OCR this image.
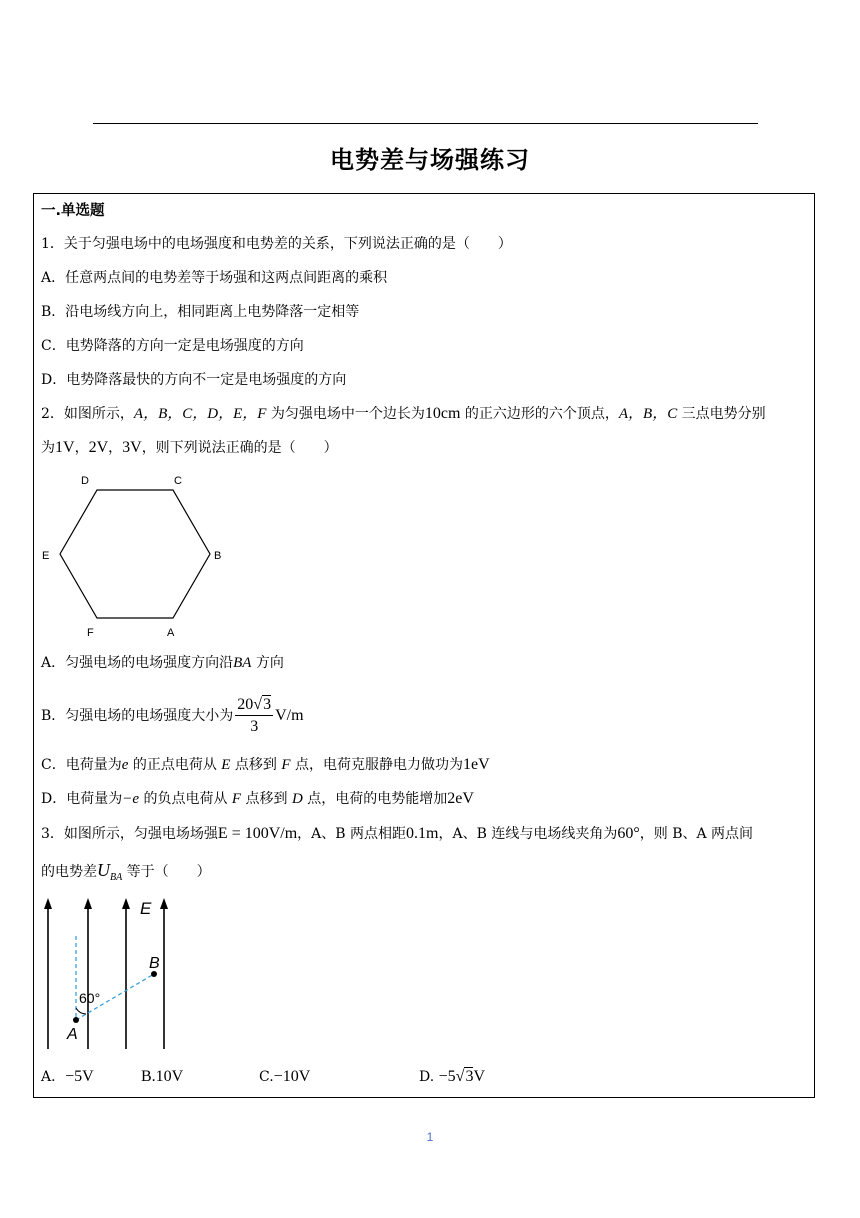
电势差与场强练习
一.单选题
1．关于匀强电场中的电场强度和电势差的关系，下列说法正确的是（　　）
A．任意两点间的电势差等于场强和这两点间距离的乘积
B．沿电场线方向上，相同距离上电势降落一定相等
C．电势降落的方向一定是电场强度的方向
D．电势降落最快的方向不一定是电场强度的方向
2．如图所示，A，B，C，D，E，F 为匀强电场中一个边长为10cm 的正六边形的六个顶点，A，B，C 三点电势分别
为1V，2V，3V，则下列说法正确的是（　　）
D	C
E	B
F	A
A．匀强电场的电场强度方向沿BA 方向
B．匀强电场的电场强度大小为 $\frac{20√3}{3} V/m$
C．电荷量为e 的正点电荷从 E 点移到 F 点，电荷克服静电力做功为1eV
D．电荷量为−e 的负点电荷从 F 点移到 D 点，电荷的电势能增加2eV
3．如图所示，匀强电场场强E = 100V/m，A、B 两点相距0.1m，A、B 连线与电场线夹角为60°，则 B、A 两点间
的电势差$U_{BA}$ 等于（　　）
E
B
A
60°
A．−5V	B.10V	C.−10V	D. −5√3V
1
